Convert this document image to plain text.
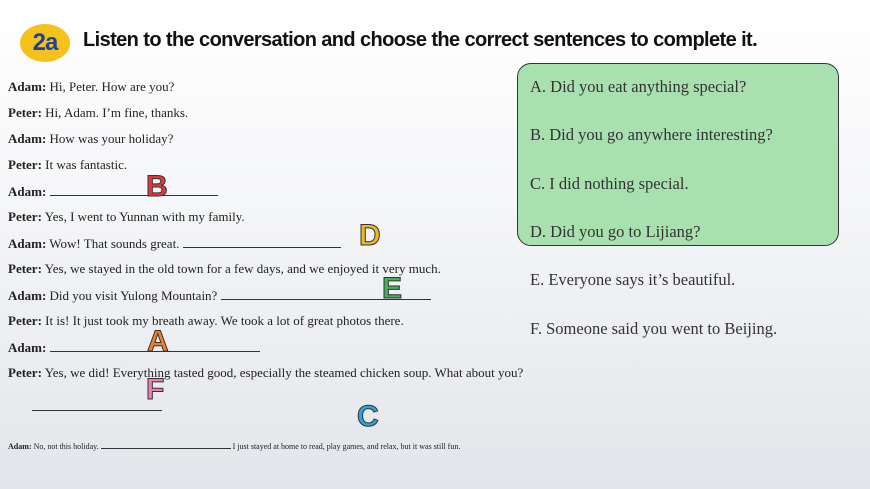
2a	Listen to the conversation and choose the correct sentences to complete it.
Adam: Hi, Peter. How are you?
Peter: Hi, Adam. I’m fine, thanks.
Adam: How was your holiday?
Peter: It was fantastic.
Adam:
Peter: Yes, I went to Yunnan with my family.
Adam: Wow! That sounds great.
Peter: Yes, we stayed in the old town for a few days, and we enjoyed it very much.
Adam: Did you visit Yulong Mountain?
Peter: It is! It just took my breath away. We took a lot of great photos there.
Adam:
Peter: Yes, we did! Everything tasted good, especially the steamed chicken soup. What about you?
Adam: No, not this holiday.	I just stayed at home to read, play games, and relax, but it was still fun.
A. Did you eat anything special?
B. Did you go anywhere interesting?
C. I did nothing special.
D. Did you go to Lijiang?
E. Everyone says it’s beautiful.
F. Someone said you went to Beijing.
B
D
E
A
F
C
